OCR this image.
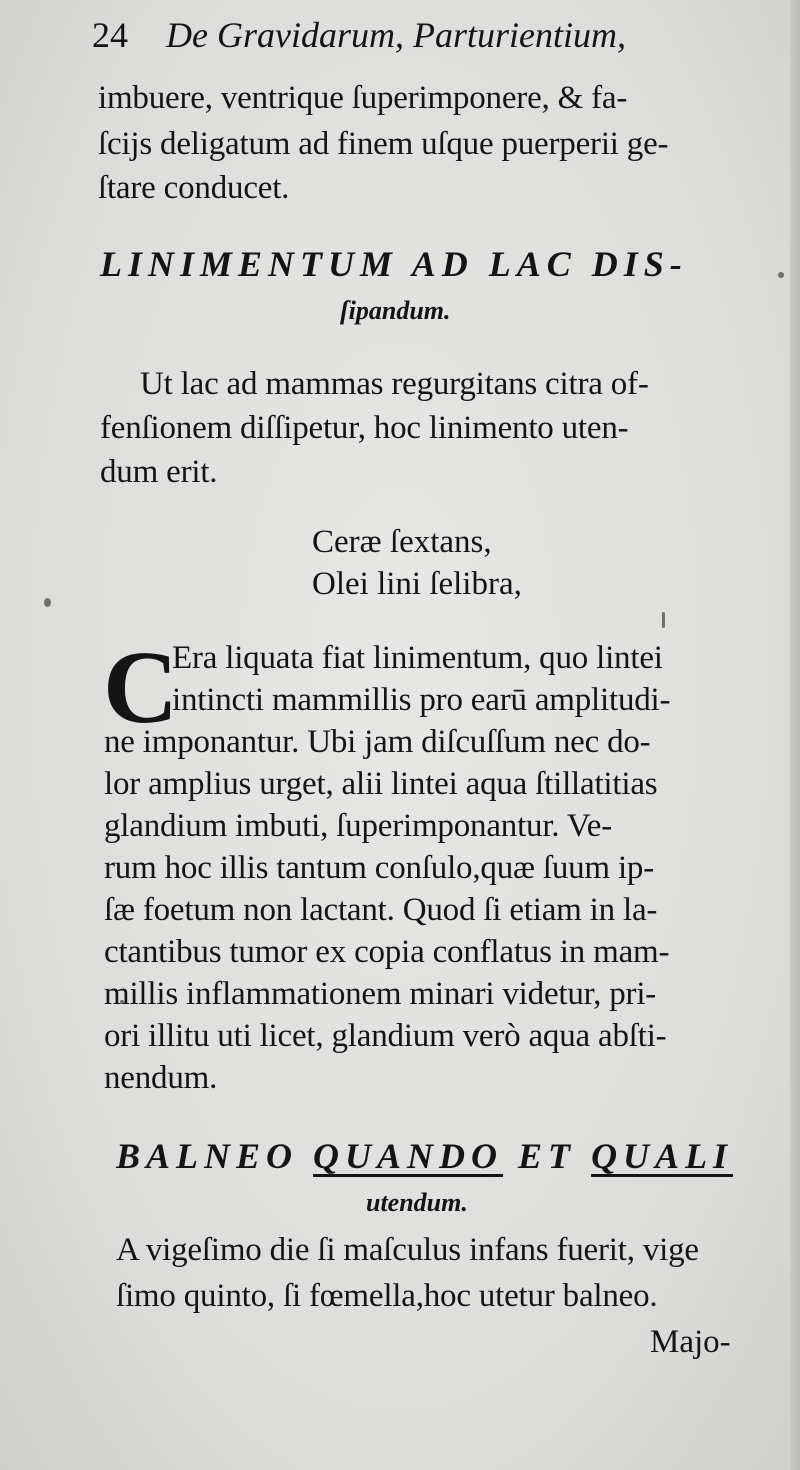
24 De Gravidarum, Parturientium,
imbuere, ventrique ſuperimponere, & fa-
ſcijs deligatum ad finem uſque puerperii ge-
ſtare conducet.
LINIMENTUM AD LAC DIS-
ſipandum.
Ut lac ad mammas regurgitans citra of-
fenſionem diſſipetur, hoc linimento uten-
dum erit.
Ceræ ſextans,
Olei lini ſelibra,
C
Era liquata fiat linimentum, quo lintei
intincti mammillis pro earū amplitudi-
ne imponantur. Ubi jam diſcuſſum nec do-
lor amplius urget, alii lintei aqua ſtillatitias
glandium imbuti, ſuperimponantur. Ve-
rum hoc illis tantum conſulo,quæ ſuum ip-
ſæ foetum non lactant. Quod ſi etiam in la-
ctantibus tumor ex copia conflatus in mam-
millis inflammationem minari videtur, pri-
ori illitu uti licet, glandium verò aqua abſti-
nendum.
BALNEO QUANDO ET QUALI
utendum.
A vigeſimo die ſi maſculus infans fuerit, vige
ſimo quinto, ſi fœmella,hoc utetur balneo.
Majo-
